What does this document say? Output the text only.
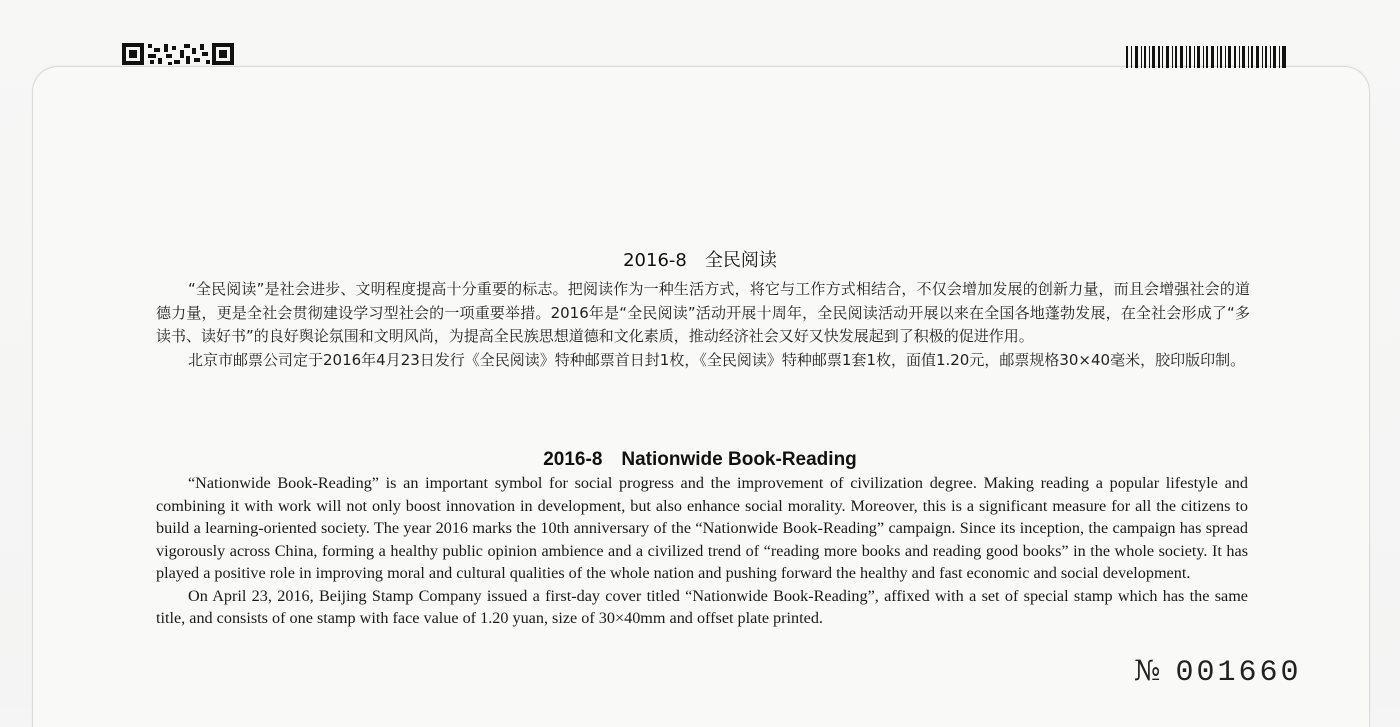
2016-8　全民阅读

“全民阅读”是社会进步、文明程度提高十分重要的标志。把阅读作为一种生活方式，将它与工作方式相结合，不仅会增加发展的创新力量，而且会增强社会的道德力量，更是全社会贯彻建设学习型社会的一项重要举措。2016年是“全民阅读”活动开展十周年，全民阅读活动开展以来在全国各地蓬勃发展，在全社会形成了“多读书、读好书”的良好舆论氛围和文明风尚，为提高全民族思想道德和文化素质，推动经济社会又好又快发展起到了积极的促进作用。

北京市邮票公司定于2016年4月23日发行《全民阅读》特种邮票首日封1枚，《全民阅读》特种邮票1套1枚，面值1.20元，邮票规格30×40毫米，胶印版印制。

2016-8　Nationwide Book-Reading

“Nationwide Book-Reading” is an important symbol for social progress and the improvement of civilization degree. Making reading a popular lifestyle and combining it with work will not only boost innovation in development, but also enhance social morality. Moreover, this is a significant measure for all the citizens to build a learning-oriented society. The year 2016 marks the 10th anniversary of the “Nationwide Book-Reading” campaign. Since its inception, the campaign has spread vigorously across China, forming a healthy public opinion ambience and a civilized trend of “reading more books and reading good books” in the whole society. It has played a positive role in improving moral and cultural qualities of the whole nation and pushing forward the healthy and fast economic and social development.

On April 23, 2016, Beijing Stamp Company issued a first-day cover titled “Nationwide Book-Reading”, affixed with a set of special stamp which has the same title, and consists of one stamp with face value of 1.20 yuan, size of 30×40mm and offset plate printed.

№ 001660
